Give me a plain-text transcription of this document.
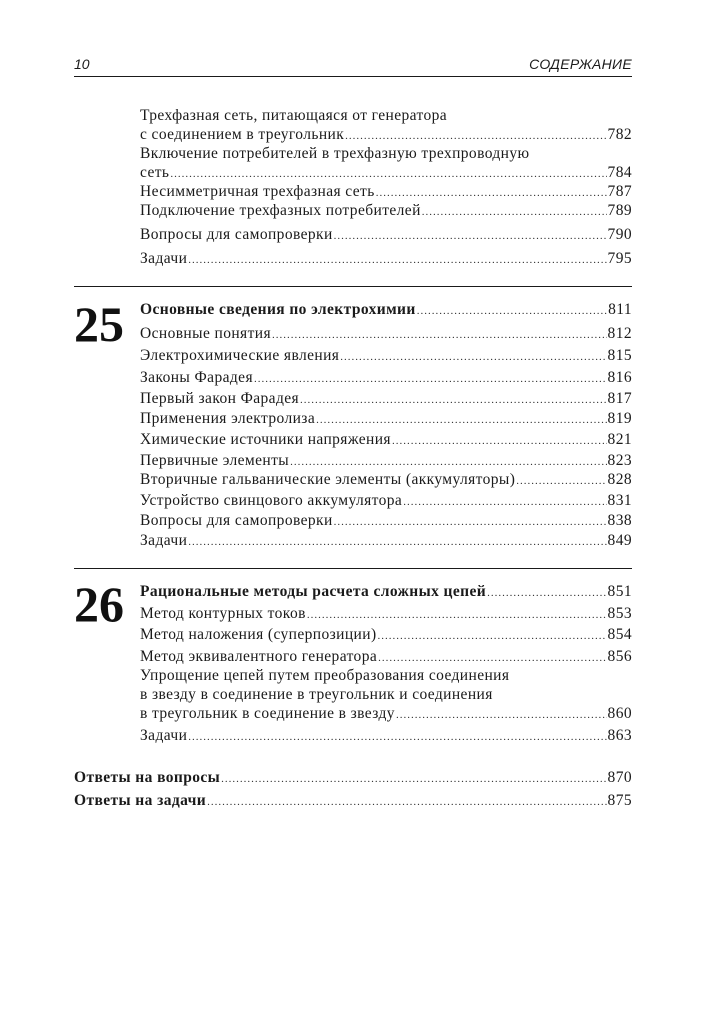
10	СОДЕРЖАНИЕ
Трехфазная сеть, питающаяся от генератора
с соединением в треугольник .....	782
Включение потребителей в трехфазную трехпроводную
сеть .....	784
Несимметричная трехфазная сеть .....	787
Подключение трехфазных потребителей .....	789
Вопросы для самопроверки .....	790
Задачи .....	795
25 Основные сведения по электрохимии .....	811
Основные понятия .....	812
Электрохимические явления .....	815
Законы Фарадея .....	816
Первый закон Фарадея .....	817
Применения электролиза .....	819
Химические источники напряжения .....	821
Первичные элементы .....	823
Вторичные гальванические элементы (аккумуляторы) .....	828
Устройство свинцового аккумулятора .....	831
Вопросы для самопроверки .....	838
Задачи .....	849
26 Рациональные методы расчета сложных цепей .....	851
Метод контурных токов .....	853
Метод наложения (суперпозиции) .....	854
Метод эквивалентного генератора .....	856
Упрощение цепей путем преобразования соединения
в звезду в соединение в треугольник и соединения
в треугольник в соединение в звезду .....	860
Задачи .....	863
Ответы на вопросы .....	870
Ответы на задачи .....	875
